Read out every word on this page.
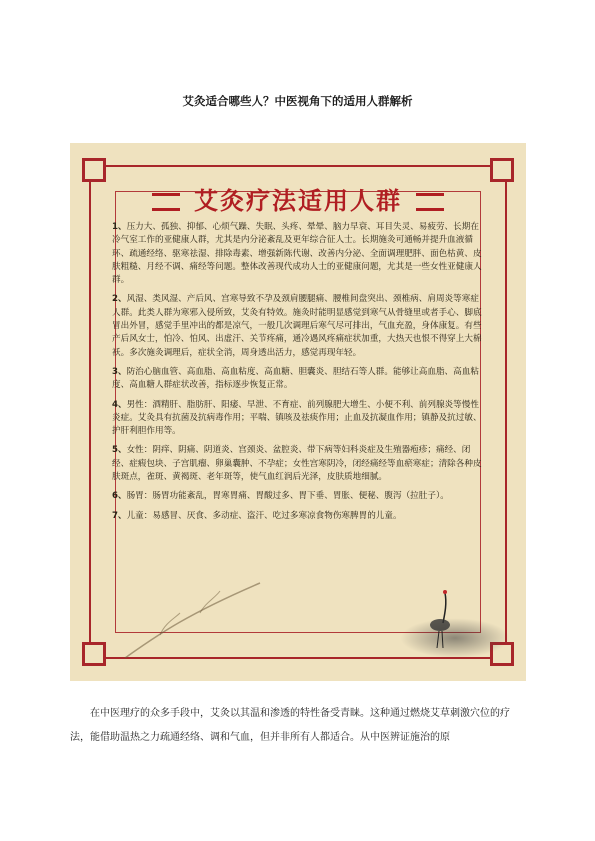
艾灸适合哪些人？中医视角下的适用人群解析
艾灸疗法适用人群
1、压力大、孤独、抑郁、心烦气躁、失眠、头疼、晕晕、脑力早衰、耳目失灵、易疲劳、长期在冷气室工作的亚健康人群，尤其是内分泌紊乱及更年综合征人士。长期施灸可通畅并提升血液循环、疏通经络、驱寒祛湿、排除毒素、增强新陈代谢、改善内分泌、全面调理肥胖、面色枯黄、皮肤粗糙、月经不调、痛经等问题。整体改善现代成功人士的亚健康问题，尤其是一些女性亚健康人群。
2、风湿、类风湿、产后风、宫寒导致不孕及颈肩腰腿痛、腰椎间盘突出、颈椎病、肩周炎等寒症人群。此类人群为寒邪入侵所致，艾灸有特效。施灸时能明显感觉到寒气从骨缝里或者手心、脚底冒出外冒，感觉手里冲出的都是凉气，一般几次调理后寒气尽可排出，气血充盈，身体康复。有些产后风女士，怕冷、怕风、出虚汗、关节疼痛，通冷遇风疼痛症状加重，大热天也恨不得穿上大棉袄。多次施灸调理后，症状全消，周身透出活力，感觉再现年轻。
3、防治心脑血管、高血脂、高血粘度、高血糖、胆囊炎、胆结石等人群。能够让高血脂、高血粘度、高血糖人群症状改善，指标逐步恢复正常。
4、男性：酒精肝、脂肪肝、阳痿、早泄、不育症、前列腺肥大增生、小便不利、前列腺炎等慢性炎症。艾灸具有抗菌及抗病毒作用；平喘、镇咳及祛痰作用；止血及抗凝血作用；镇静及抗过敏、护肝利胆作用等。
5、女性：阴痒、阴痛、阴道炎、宫颈炎、盆腔炎、带下病等妇科炎症及生殖器疱疹；痛经、闭经、症瘕包块、子宫肌瘤、卵巢囊肿、不孕症；女性宫寒阴冷，闭经痛经等血瘀寒症；清除各种皮肤斑点，雀斑、黄褐斑、老年斑等，使气血红润后光泽，皮肤质地细腻。
6、肠胃：肠胃功能紊乱，胃寒胃痛、胃酸过多、胃下垂、胃胀、便秘、腹泻（拉肚子）。
7、儿童：易感冒、厌食、多动症、盗汗、吃过多寒凉食物伤寒脾胃的儿童。
在中医理疗的众多手段中，艾灸以其温和渗透的特性备受青睐。这种通过燃烧艾草刺激穴位的疗法，能借助温热之力疏通经络、调和气血，但并非所有人都适合。从中医辨证施治的原
